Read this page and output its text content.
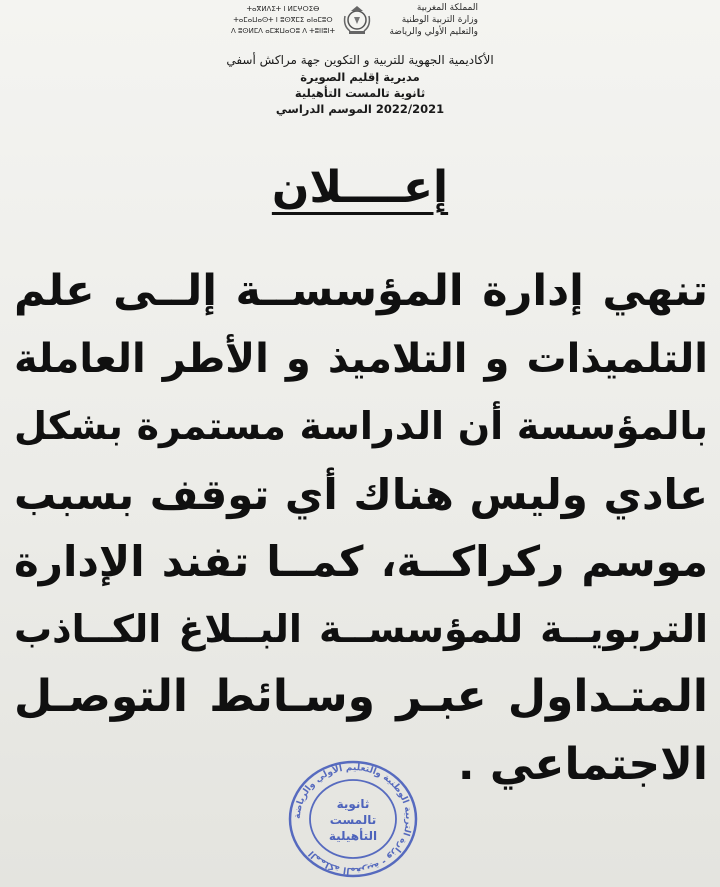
ⵜⴰⴳⵍⴷⵉⵜ ⵏ ⵍⵎⵖⵔⵉⴱ
ⵜⴰⵎⴰⵡⴰⵙⵜ ⵏ ⵓⵙⴳⵎⵉ ⴰⵏⴰⵎⵓⵔ
ⴷ ⵓⵙⵍⵎⴷ ⴰⵎⵣⵡⴰⵔⵓ ⴷ ⵜⵓⵏⵏⵓⵏⵜ
المملكة المغربية
وزارة التربية الوطنية
والتعليم الأولي والرياضة
الأكاديمية الجهوية للتربية و التكوين جهة مراكش أسفي
مديرية إقليم الصويرة
ثانوية تالمست التأهيلية
الموسم الدراسي 2022/2021
إعــــلان
تنهي إدارة المؤسســة إلــى علم
التلميذات و التلاميذ و الأطر العاملة
بالمؤسسة أن الدراسة مستمرة بشكل
عادي وليس هناك أي توقف بسبب
موسم ركراكــة، كمــا تفند الإدارة
التربويــة للمؤسســة البــلاغ الكــاذب
المتـداول عبـر وسـائط التوصـل
الاجتماعي .
المملكة المغربية - وزارة التربية الوطنية والتعليم الأولي والرياضة
ثانوية
تالمست
التأهيلية
